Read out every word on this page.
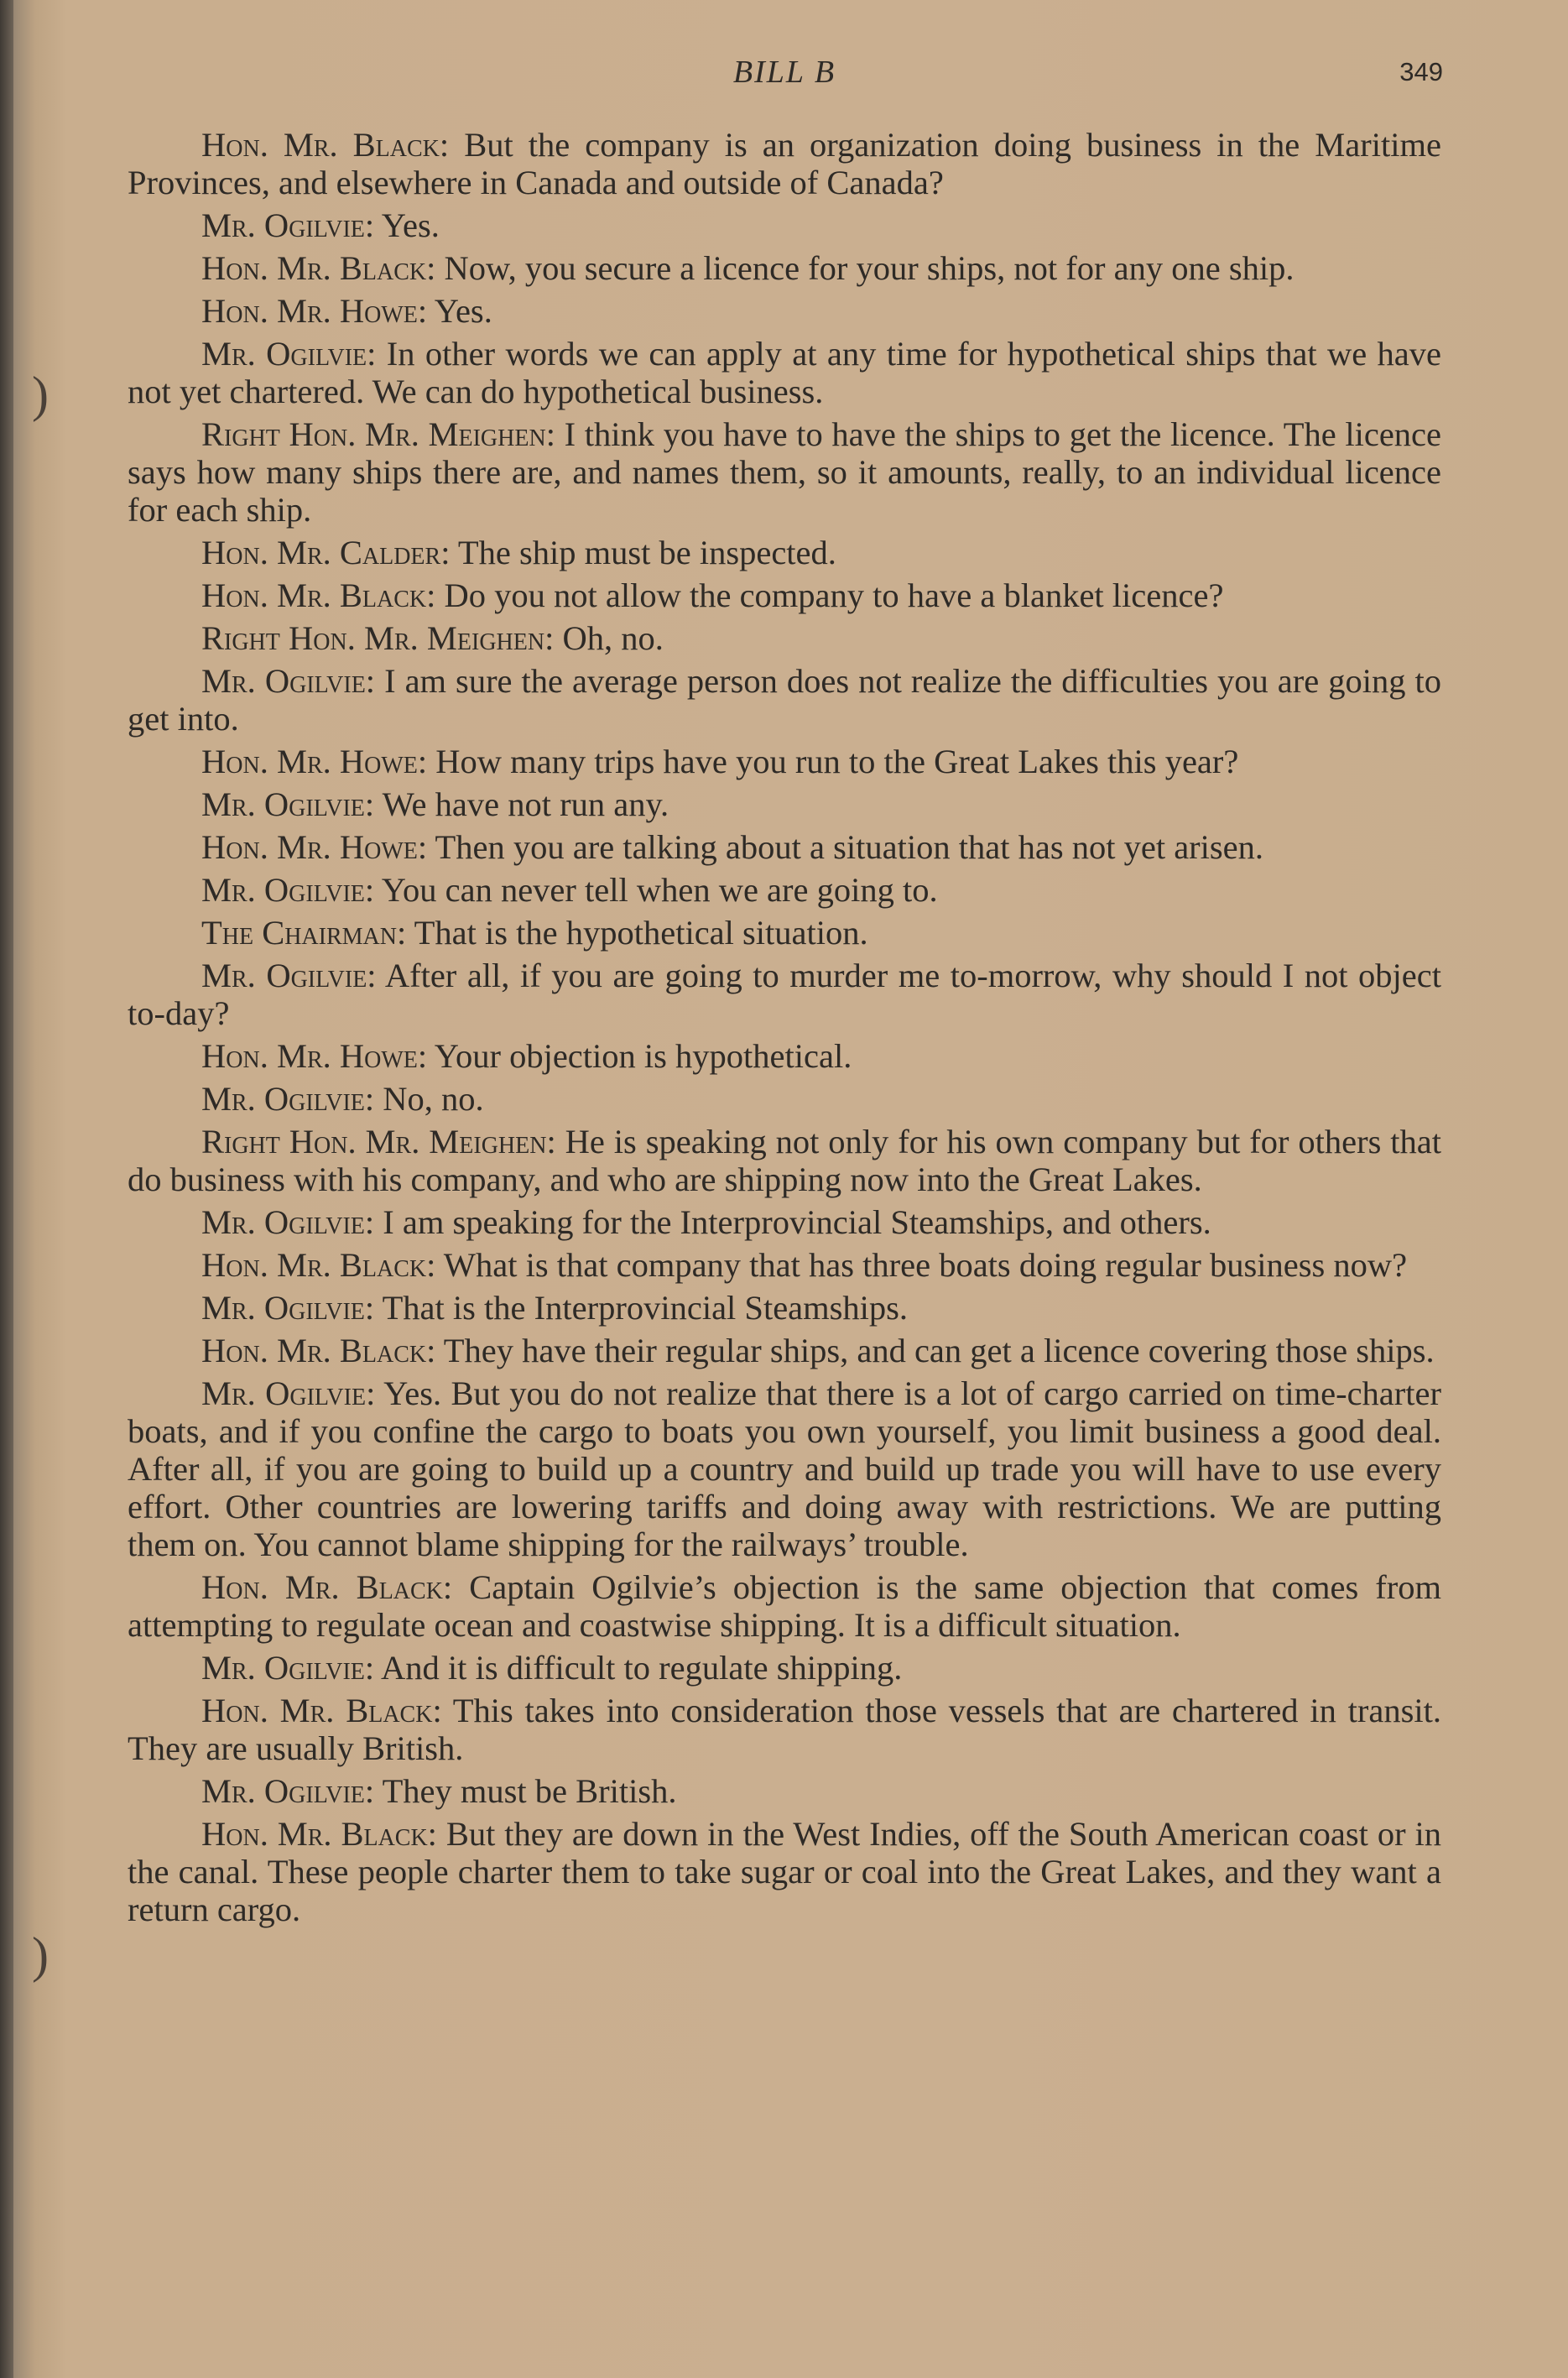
)
)
BILL B	349

Hon. Mr. Black: But the company is an organization doing business in the Maritime Provinces, and elsewhere in Canada and outside of Canada?

Mr. Ogilvie: Yes.

Hon. Mr. Black: Now, you secure a licence for your ships, not for any one ship.

Hon. Mr. Howe: Yes.

Mr. Ogilvie: In other words we can apply at any time for hypothetical ships that we have not yet chartered. We can do hypothetical business.

Right Hon. Mr. Meighen: I think you have to have the ships to get the licence. The licence says how many ships there are, and names them, so it amounts, really, to an individual licence for each ship.

Hon. Mr. Calder: The ship must be inspected.

Hon. Mr. Black: Do you not allow the company to have a blanket licence?

Right Hon. Mr. Meighen: Oh, no.

Mr. Ogilvie: I am sure the average person does not realize the difficulties you are going to get into.

Hon. Mr. Howe: How many trips have you run to the Great Lakes this year?

Mr. Ogilvie: We have not run any.

Hon. Mr. Howe: Then you are talking about a situation that has not yet arisen.

Mr. Ogilvie: You can never tell when we are going to.

The Chairman: That is the hypothetical situation.

Mr. Ogilvie: After all, if you are going to murder me to-morrow, why should I not object to-day?

Hon. Mr. Howe: Your objection is hypothetical.

Mr. Ogilvie: No, no.

Right Hon. Mr. Meighen: He is speaking not only for his own company but for others that do business with his company, and who are shipping now into the Great Lakes.

Mr. Ogilvie: I am speaking for the Interprovincial Steamships, and others.

Hon. Mr. Black: What is that company that has three boats doing regular business now?

Mr. Ogilvie: That is the Interprovincial Steamships.

Hon. Mr. Black: They have their regular ships, and can get a licence covering those ships.

Mr. Ogilvie: Yes. But you do not realize that there is a lot of cargo carried on time-charter boats, and if you confine the cargo to boats you own yourself, you limit business a good deal. After all, if you are going to build up a country and build up trade you will have to use every effort. Other countries are lowering tariffs and doing away with restrictions. We are putting them on. You cannot blame shipping for the railways’ trouble.

Hon. Mr. Black: Captain Ogilvie’s objection is the same objection that comes from attempting to regulate ocean and coastwise shipping. It is a difficult situation.

Mr. Ogilvie: And it is difficult to regulate shipping.

Hon. Mr. Black: This takes into consideration those vessels that are chartered in transit. They are usually British.

Mr. Ogilvie: They must be British.

Hon. Mr. Black: But they are down in the West Indies, off the South American coast or in the canal. These people charter them to take sugar or coal into the Great Lakes, and they want a return cargo.
